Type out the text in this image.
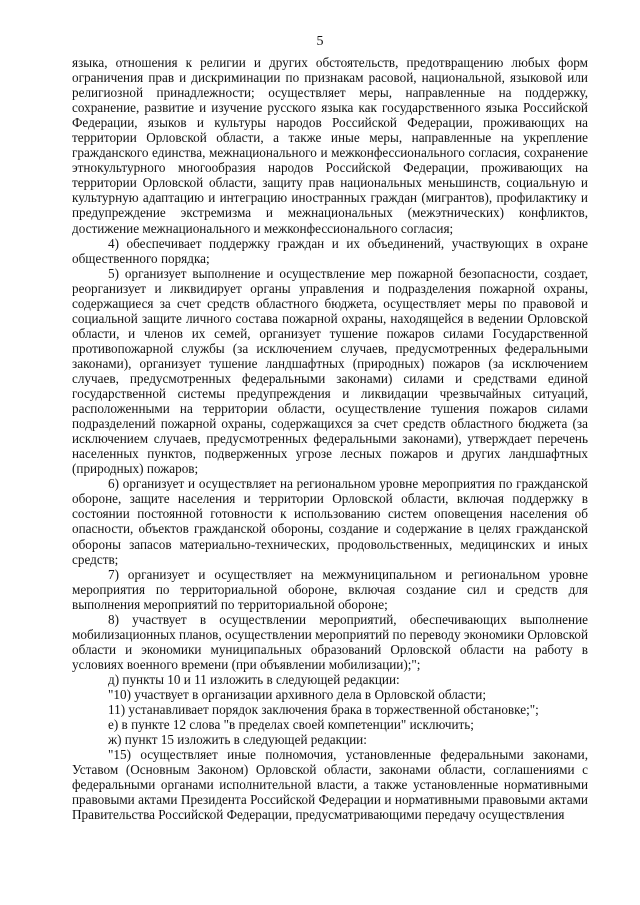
5

языка, отношения к религии и других обстоятельств, предотвращению любых форм ограничения прав и дискриминации по признакам расовой, национальной, языковой или религиозной принадлежности; осуществляет меры, направленные на поддержку, сохранение, развитие и изучение русского языка как государственного языка Российской Федерации, языков и культуры народов Российской Федерации, проживающих на территории Орловской области, а также иные меры, направленные на укрепление гражданского единства, межнационального и межконфессионального согласия, сохранение этнокультурного многообразия народов Российской Федерации, проживающих на территории Орловской области, защиту прав национальных меньшинств, социальную и культурную адаптацию и интеграцию иностранных граждан (мигрантов), профилактику и предупреждение экстремизма и межнациональных (межэтнических) конфликтов, достижение межнационального и межконфессионального согласия;

4) обеспечивает поддержку граждан и их объединений, участвующих в охране общественного порядка;

5) организует выполнение и осуществление мер пожарной безопасности, создает, реорганизует и ликвидирует органы управления и подразделения пожарной охраны, содержащиеся за счет средств областного бюджета, осуществляет меры по правовой и социальной защите личного состава пожарной охраны, находящейся в ведении Орловской области, и членов их семей, организует тушение пожаров силами Государственной противопожарной службы (за исключением случаев, предусмотренных федеральными законами), организует тушение ландшафтных (природных) пожаров (за исключением случаев, предусмотренных федеральными законами) силами и средствами единой государственной системы предупреждения и ликвидации чрезвычайных ситуаций, расположенными на территории области, осуществление тушения пожаров силами подразделений пожарной охраны, содержащихся за счет средств областного бюджета (за исключением случаев, предусмотренных федеральными законами), утверждает перечень населенных пунктов, подверженных угрозе лесных пожаров и других ландшафтных (природных) пожаров;

6) организует и осуществляет на региональном уровне мероприятия по гражданской обороне, защите населения и территории Орловской области, включая поддержку в состоянии постоянной готовности к использованию систем оповещения населения об опасности, объектов гражданской обороны, создание и содержание в целях гражданской обороны запасов материально-технических, продовольственных, медицинских и иных средств;

7) организует и осуществляет на межмуниципальном и региональном уровне мероприятия по территориальной обороне, включая создание сил и средств для выполнения мероприятий по территориальной обороне;

8) участвует в осуществлении мероприятий, обеспечивающих выполнение мобилизационных планов, осуществлении мероприятий по переводу экономики Орловской области и экономики муниципальных образований Орловской области на работу в условиях военного времени (при объявлении мобилизации);";

д) пункты 10 и 11 изложить в следующей редакции:

"10) участвует в организации архивного дела в Орловской области;

11) устанавливает порядок заключения брака в торжественной обстановке;";

е) в пункте 12 слова "в пределах своей компетенции" исключить;

ж) пункт 15 изложить в следующей редакции:

"15) осуществляет иные полномочия, установленные федеральными законами, Уставом (Основным Законом) Орловской области, законами области, соглашениями с федеральными органами исполнительной власти, а также установленные нормативными правовыми актами Президента Российской Федерации и нормативными правовыми актами Правительства Российской Федерации, предусматривающими передачу осуществления
